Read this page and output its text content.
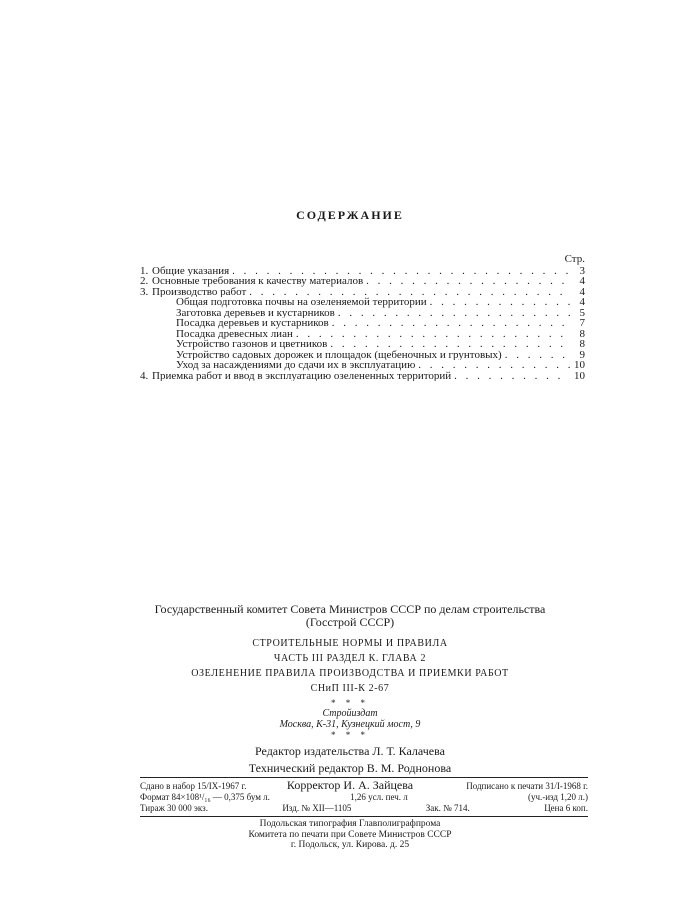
СОДЕРЖАНИЕ
Стр.
1. Общие указания . . .	3
2. Основные требования к качеству материалов . . .	4
3. Производство работ . . .	4
Общая подготовка почвы на озеленяемой территории . . .	4
Заготовка деревьев и кустарников . . .	5
Посадка деревьев и кустарников . . .	7
Посадка древесных лиан . . .	8
Устройство газонов и цветников . . .	8
Устройство садовых дорожек и площадок (щебеночных и грунтовых) . . .	9
Уход за насаждениями до сдачи их в эксплуатацию . . .	10
4. Приемка работ и ввод в эксплуатацию озелененных территорий . . .	10

Государственный комитет Совета Министров СССР по делам строительства

(Госстрой СССР)

СТРОИТЕЛЬНЫЕ НОРМЫ И ПРАВИЛА

ЧАСТЬ III РАЗДЕЛ К. ГЛАВА 2

ОЗЕЛЕНЕНИЕ ПРАВИЛА ПРОИЗВОДСТВА И ПРИЕМКИ РАБОТ

СНиП III-К 2-67

* * *

Стройиздат

Москва, К-31, Кузнецкий мост, 9

* * *

Редактор издательства Л. Т. Калачева

Технический редактор В. М. Роднонова

Корректор И. А. Зайцева

Сдано в набор 15/IX-1967 г.	Подписано к печати 31/I-1968 г.
Формат 84×108¹/₁₆ — 0,375 бум л.	1,26 усл. печ. л	(уч.-изд 1,20 л.)
Тираж 30 000 экз.	Изд. № XII—1105	Зак. № 714.	Цена 6 коп.
Подольская типография Главполиграфпрома
Комитета по печати при Совете Министров СССР
г. Подольск, ул. Кирова. д. 25
